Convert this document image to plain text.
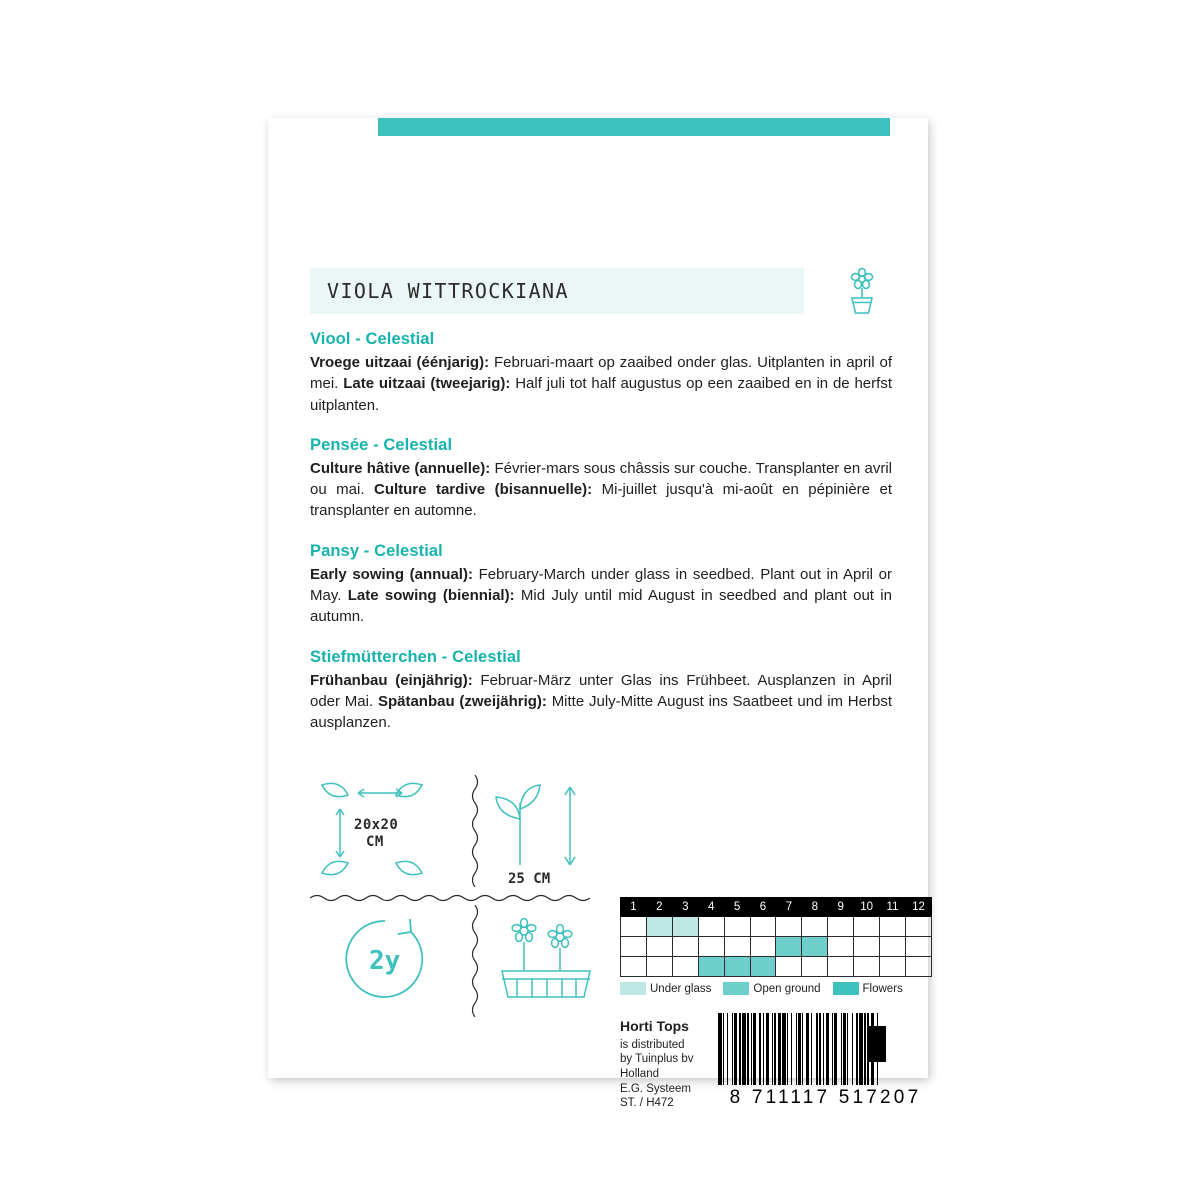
VIOLA WITTROCKIANA
Viool - Celestial

Vroege uitzaai (éénjarig): Februari-maart op zaaibed onder glas. Uitplanten in april of mei. Late uitzaai (tweejarig): Half juli tot half augustus op een zaaibed en in de herfst uitplanten.

Pensée - Celestial

Culture hâtive (annuelle): Février-mars sous châssis sur couche. Transplanter en avril ou mai. Culture tardive (bisannuelle): Mi-juillet jusqu'à mi-août en pépinière et transplanter en automne.

Pansy - Celestial

Early sowing (annual): February-March under glass in seedbed. Plant out in April or May. Late sowing (biennial): Mid July until mid August in seedbed and plant out in autumn.

Stiefmütterchen - Celestial

Frühanbau (einjährig): Februar-März unter Glas ins Frühbeet. Ausplanzen in April oder Mai. Spätanbau (zweijährig): Mitte July-Mitte August ins Saatbeet und im Herbst ausplanzen.

20x20
CM
25 CM
2y
1	2	3	4	5	6	7	8	9	10	11	12

Under glass	Open ground	Flowers
Horti Tops
is distributed
by Tuinplus bv
Holland
E.G. Systeem
ST. / H472	8 711117 517207
